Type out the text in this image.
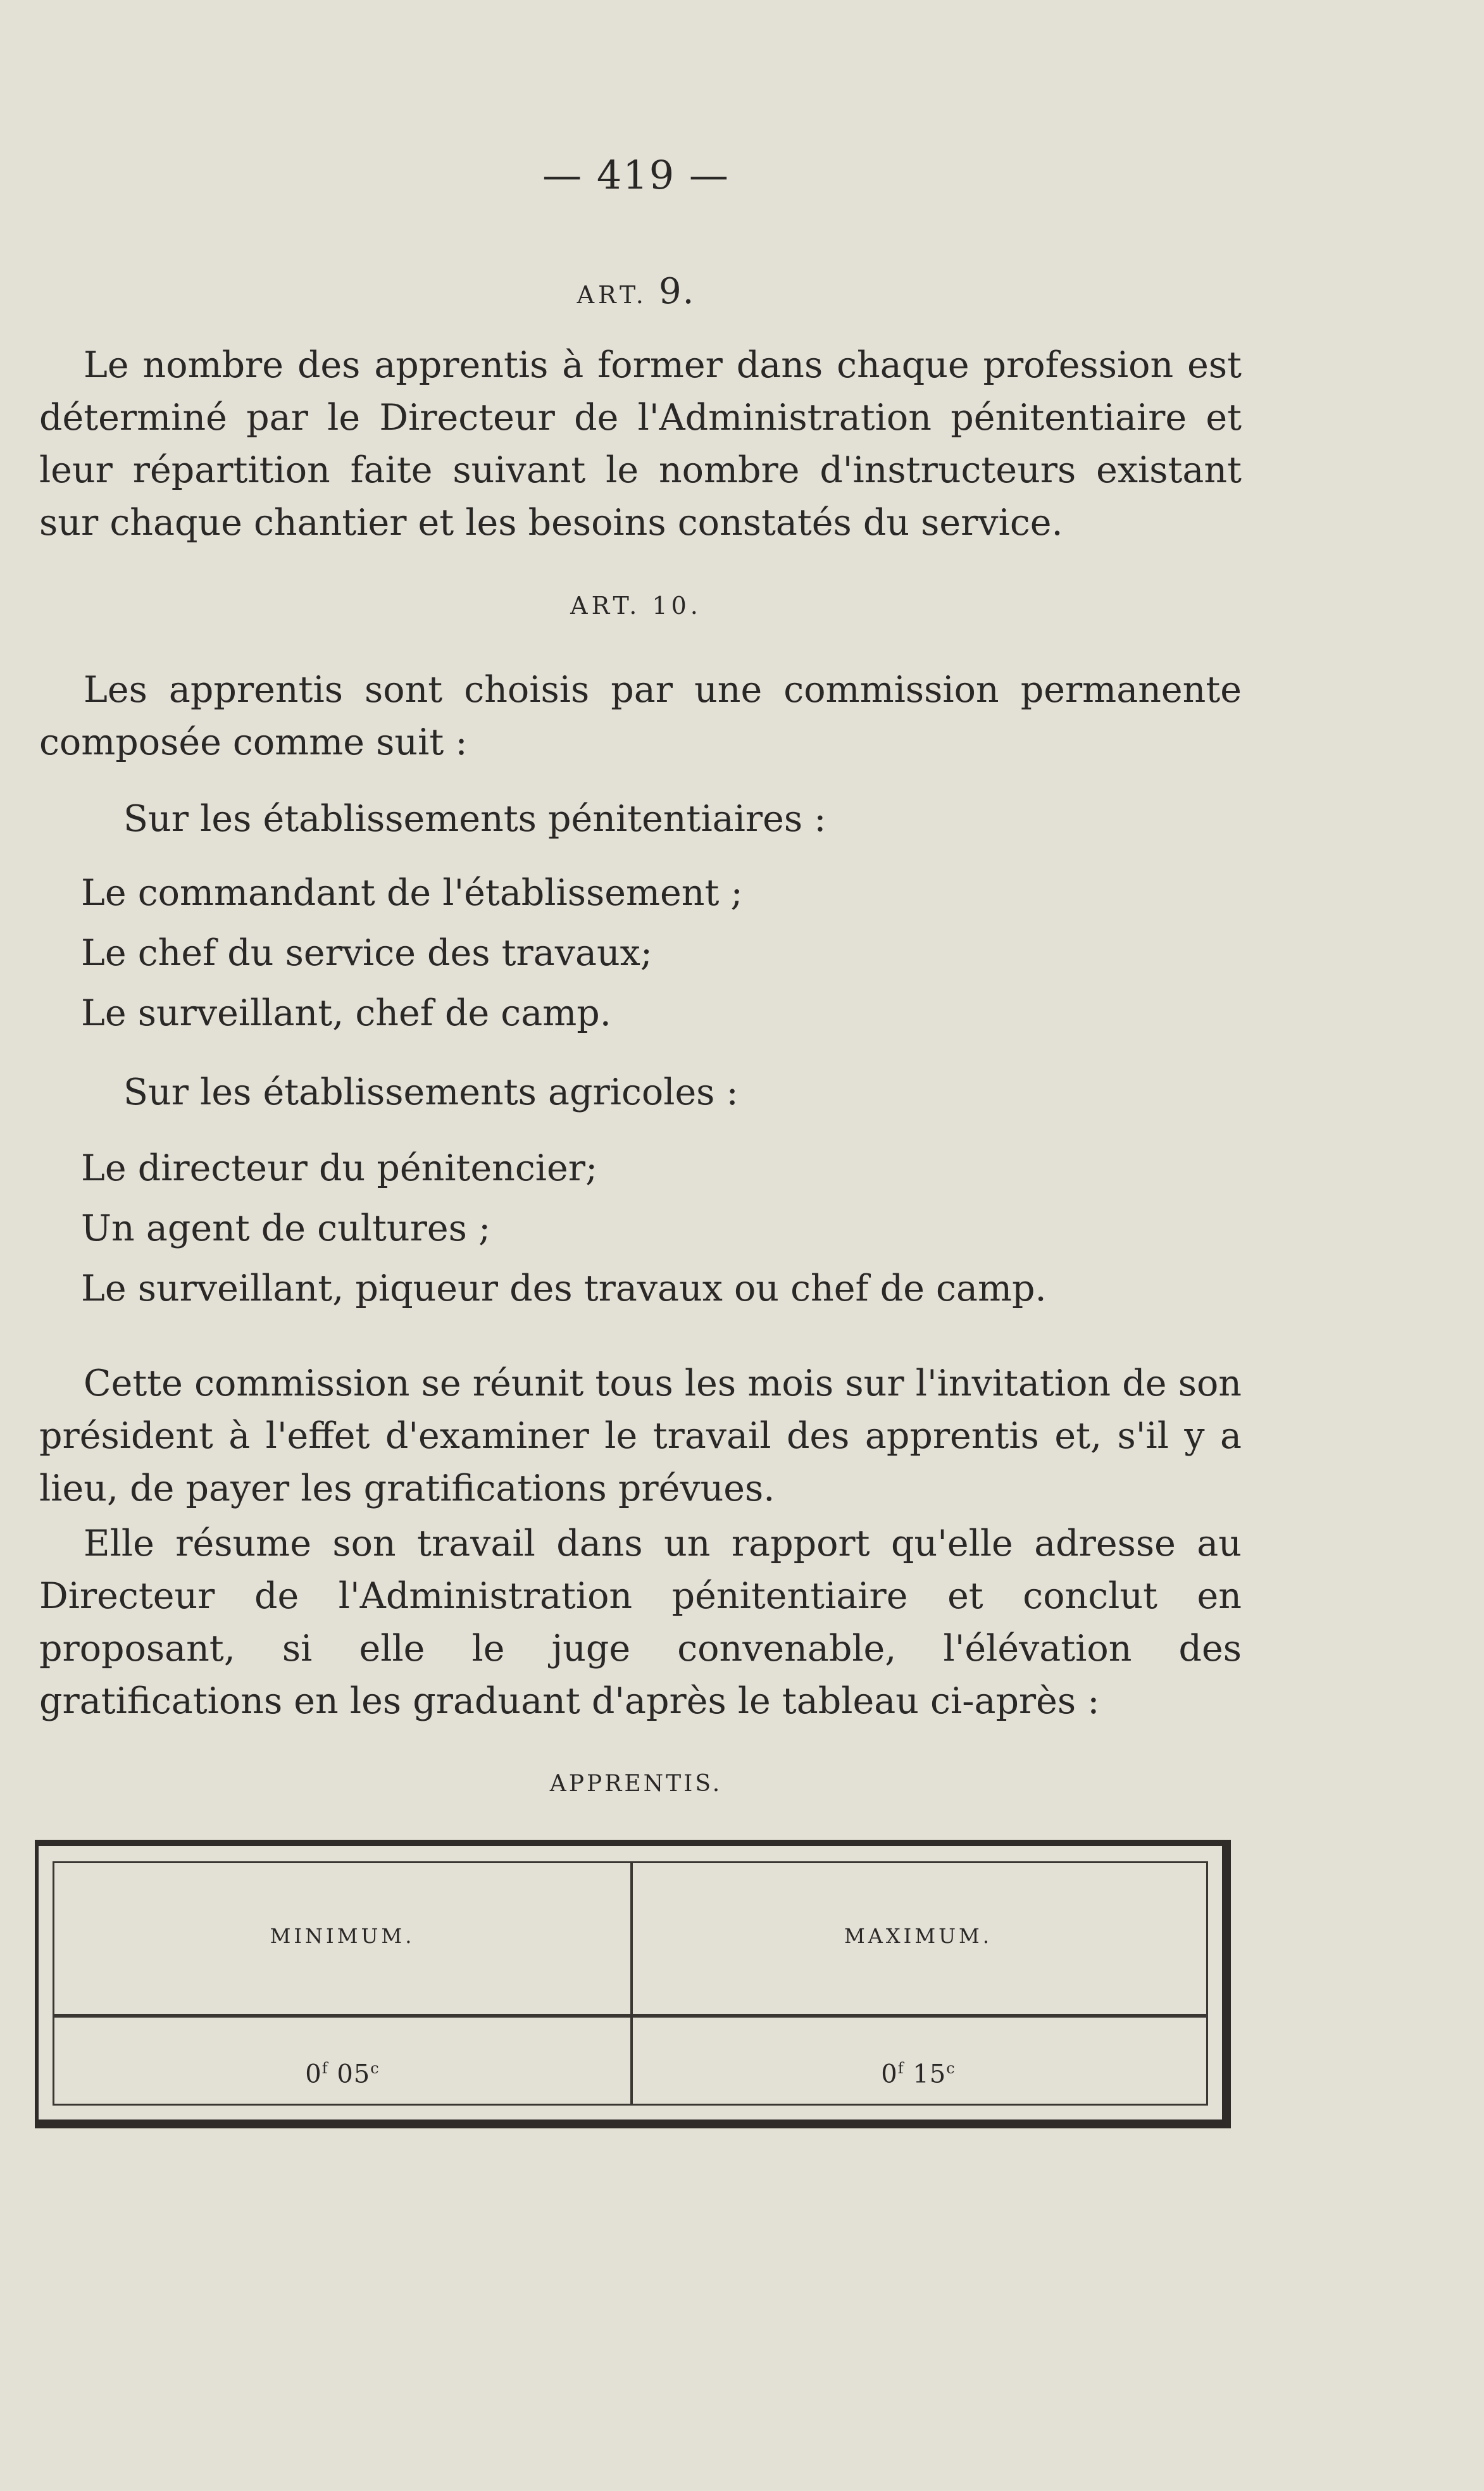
— 419 —
ART. 9.

Le nombre des apprentis à former dans chaque profession est déterminé par le Directeur de l'Administration pénitentiaire et leur répartition faite suivant le nombre d'instructeurs existant sur chaque chantier et les besoins constatés du service.

ART. 10.

Les apprentis sont choisis par une commission permanente composée comme suit :

Sur les établissements pénitentiaires :

Le commandant de l'établissement ;

Le chef du service des travaux;

Le surveillant, chef de camp.

Sur les établissements agricoles :

Le directeur du pénitencier;

Un agent de cultures ;

Le surveillant, piqueur des travaux ou chef de camp.

Cette commission se réunit tous les mois sur l'invitation de son président à l'effet d'examiner le travail des apprentis et, s'il y a lieu, de payer les gratifications prévues.

Elle résume son travail dans un rapport qu'elle adresse au Directeur de l'Administration pénitentiaire et conclut en proposant, si elle le juge convenable, l'élévation des gratifications en les graduant d'après le tableau ci-après :

APPRENTIS.
MINIMUM.	MAXIMUM.
0$^f$ 05$^c$	0$^f$ 15$^c$
